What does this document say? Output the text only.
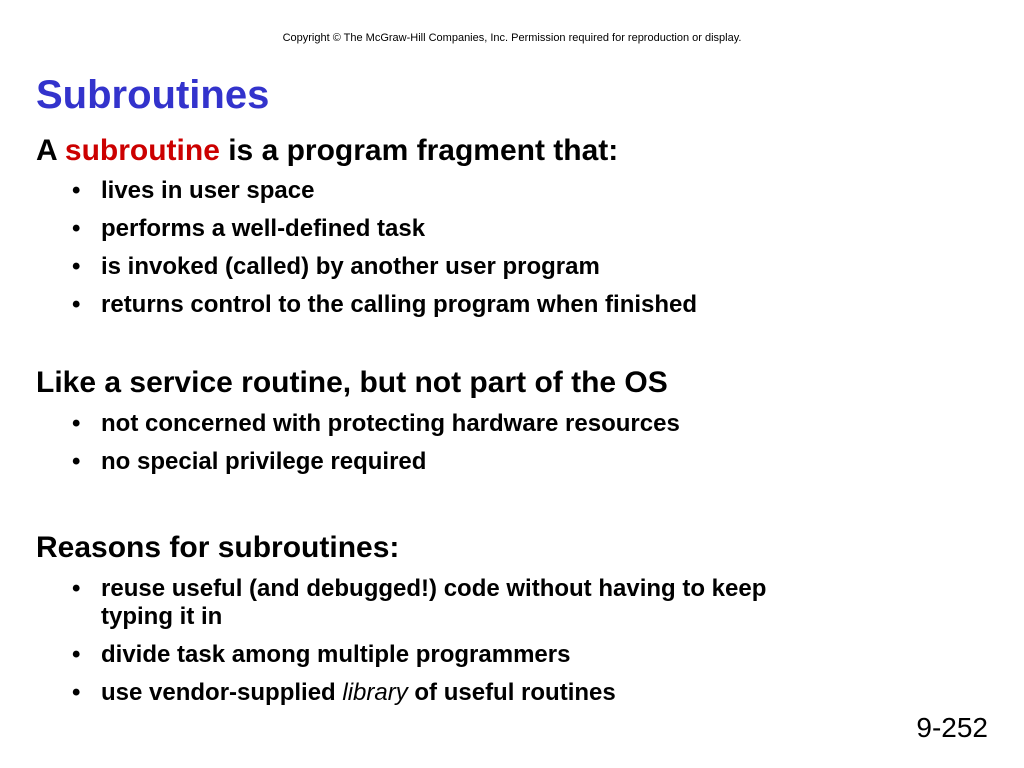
Copyright © The McGraw-Hill Companies, Inc. Permission required for reproduction or display.
Subroutines
A subroutine is a program fragment that:
• lives in user space
• performs a well-defined task
• is invoked (called) by another user program
• returns control to the calling program when finished
Like a service routine, but not part of the OS
• not concerned with protecting hardware resources
• no special privilege required
Reasons for subroutines:
• reuse useful (and debugged!) code without having to keep typing it in
• divide task among multiple programmers
• use vendor-supplied library of useful routines
9-252
